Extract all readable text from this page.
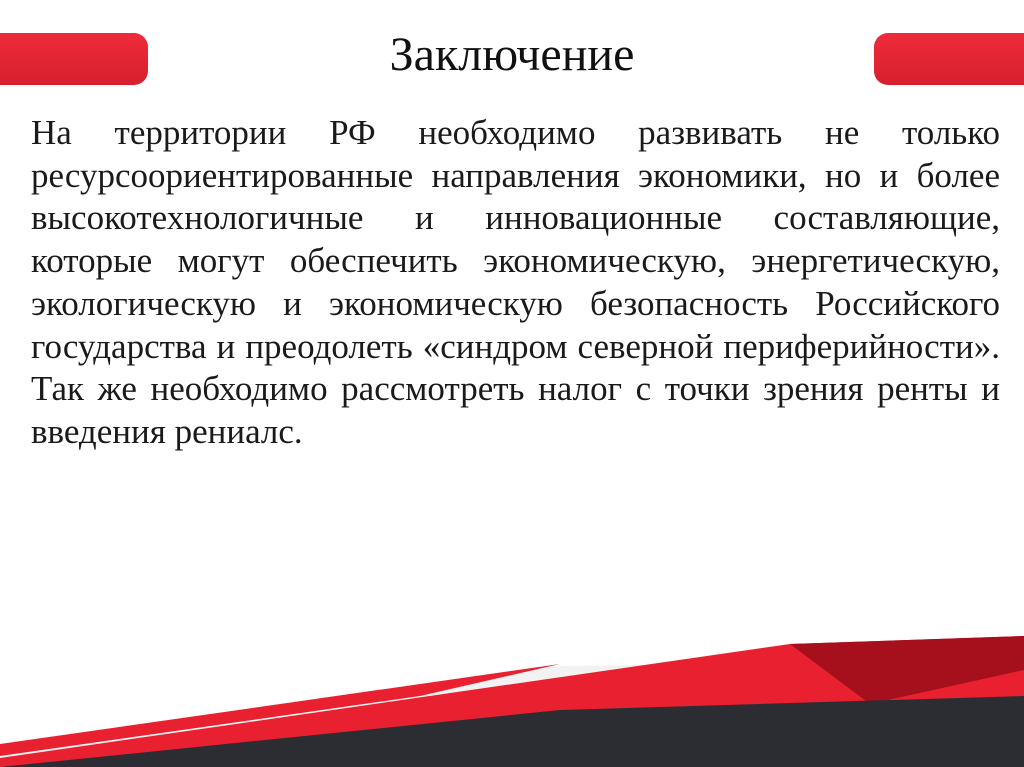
Заключение
На территории РФ необходимо развивать не только ресурсоориентированные направления экономики, но и более высокотехнологичные и инновационные составляющие, которые могут обеспечить экономическую, энергетическую, экологическую и экономическую безопасность Российского государства и преодолеть «синдром северной периферийности». Так же необходимо рассмотреть налог с точки зрения ренты и введения рениалс.
